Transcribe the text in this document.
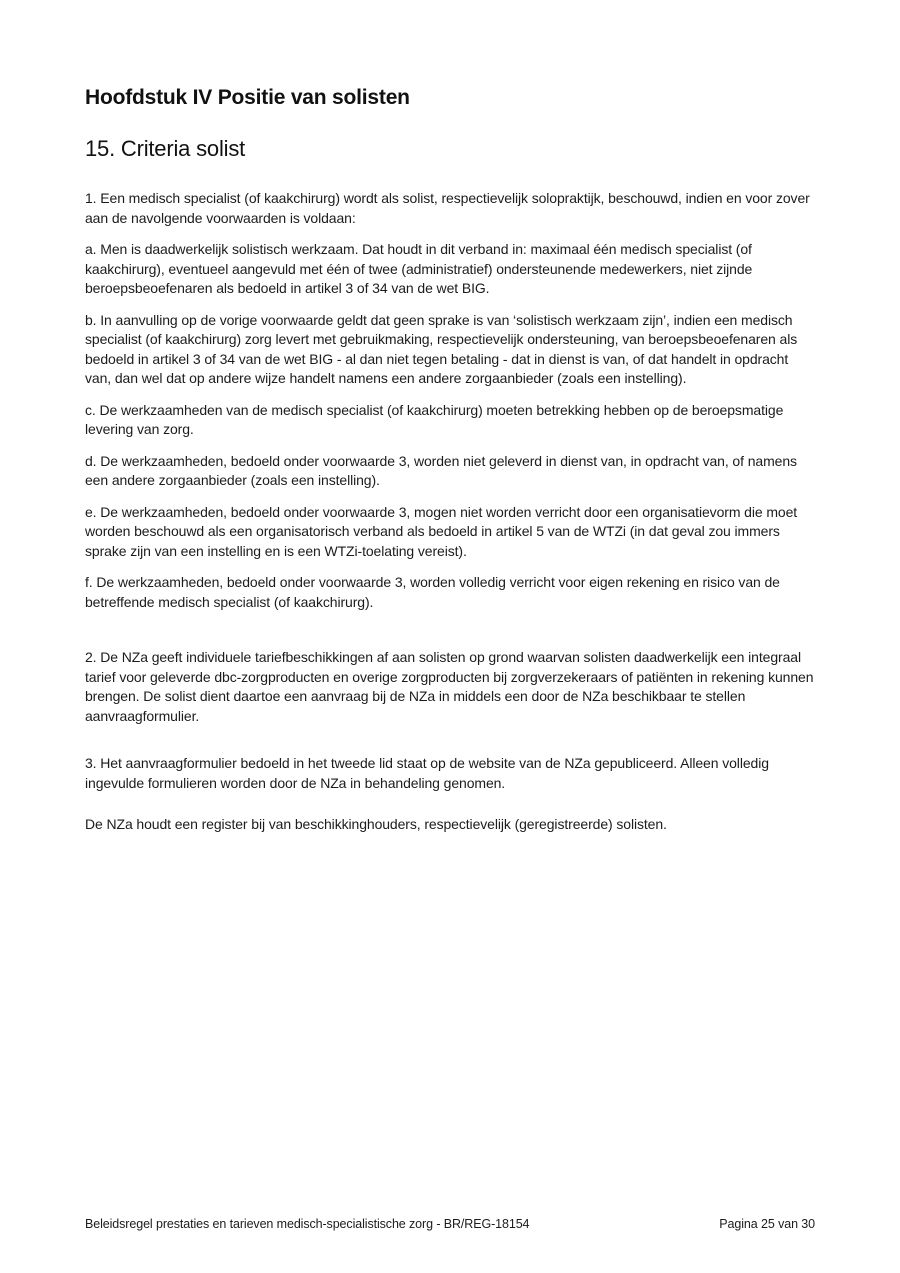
Hoofdstuk IV Positie van solisten
15. Criteria solist

1. Een medisch specialist (of kaakchirurg) wordt als solist, respectievelijk solopraktijk, beschouwd, indien en voor zover aan de navolgende voorwaarden is voldaan:

a. Men is daadwerkelijk solistisch werkzaam. Dat houdt in dit verband in: maximaal één medisch specialist (of kaakchirurg), eventueel aangevuld met één of twee (administratief) ondersteunende medewerkers, niet zijnde beroepsbeoefenaren als bedoeld in artikel 3 of 34 van de wet BIG.

b. In aanvulling op de vorige voorwaarde geldt dat geen sprake is van ‘solistisch werkzaam zijn’, indien een medisch specialist (of kaakchirurg) zorg levert met gebruikmaking, respectievelijk ondersteuning, van beroepsbeoefenaren als bedoeld in artikel 3 of 34 van de wet BIG - al dan niet tegen betaling - dat in dienst is van, of dat handelt in opdracht van, dan wel dat op andere wijze handelt namens een andere zorgaanbieder (zoals een instelling).

c. De werkzaamheden van de medisch specialist (of kaakchirurg) moeten betrekking hebben op de beroepsmatige levering van zorg.

d. De werkzaamheden, bedoeld onder voorwaarde 3, worden niet geleverd in dienst van, in opdracht van, of namens een andere zorgaanbieder (zoals een instelling).

e. De werkzaamheden, bedoeld onder voorwaarde 3, mogen niet worden verricht door een organisatievorm die moet worden beschouwd als een organisatorisch verband als bedoeld in artikel 5 van de WTZi (in dat geval zou immers sprake zijn van een instelling en is een WTZi-toelating vereist).

f. De werkzaamheden, bedoeld onder voorwaarde 3, worden volledig verricht voor eigen rekening en risico van de betreffende medisch specialist (of kaakchirurg).

2. De NZa geeft individuele tariefbeschikkingen af aan solisten op grond waarvan solisten daadwerkelijk een integraal tarief voor geleverde dbc-zorgproducten en overige zorgproducten bij zorgverzekeraars of patiënten in rekening kunnen brengen. De solist dient daartoe een aanvraag bij de NZa in middels een door de NZa beschikbaar te stellen aanvraagformulier.

3. Het aanvraagformulier bedoeld in het tweede lid staat op de website van de NZa gepubliceerd. Alleen volledig ingevulde formulieren worden door de NZa in behandeling genomen.

De NZa houdt een register bij van beschikkinghouders, respectievelijk (geregistreerde) solisten.

Beleidsregel prestaties en tarieven medisch-specialistische zorg - BR/REG-18154	Pagina 25 van 30
